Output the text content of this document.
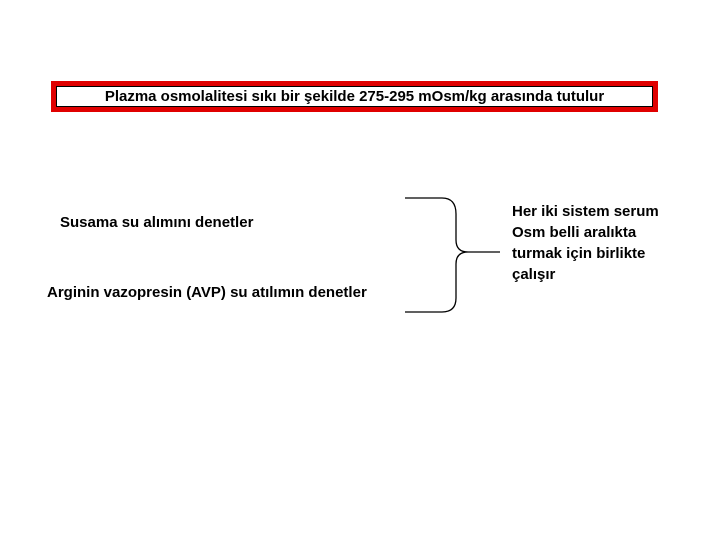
Plazma osmolalitesi sıkı bir şekilde 275-295 mOsm/kg arasında tutulur
Susama su alımını denetler
Arginin vazopresin (AVP) su atılımın denetler
Her iki sistem serum
Osm belli aralıkta
turmak için birlikte
çalışır
